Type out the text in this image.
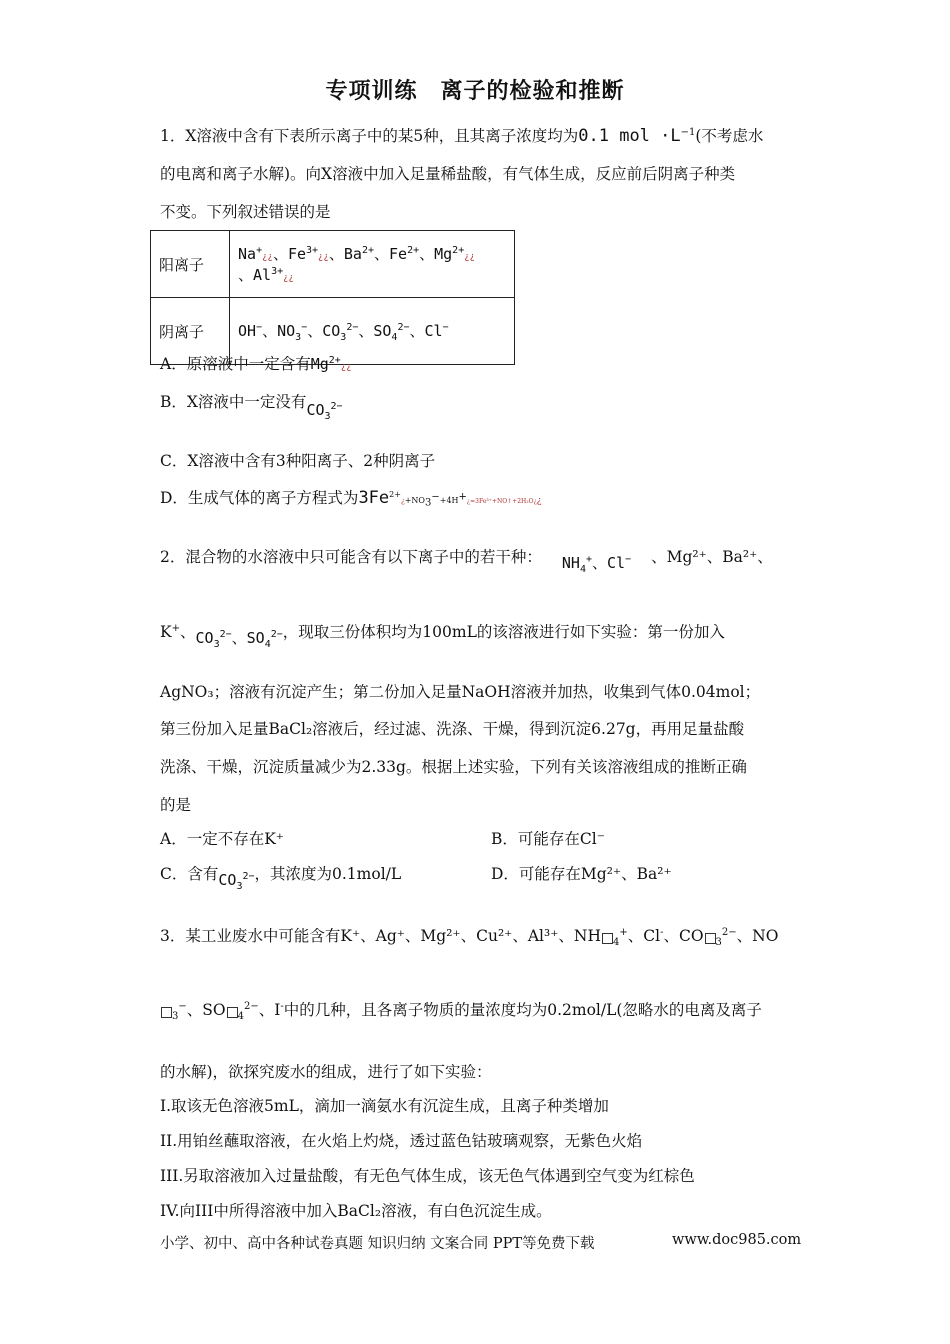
专项训练　离子的检验和推断
1．X溶液中含有下表所示离子中的某5种，且其离子浓度均为0.1 mol $\cdot L^{-1}$(不考虑水
的电离和离子水解)。向X溶液中加入足量稀盐酸，有气体生成，反应前后阴离子种类
不变。下列叙述错误的是
阳离子	Na+¿¿、$Fe^{3+}¿¿$、$Ba^{2+}$、$Fe^{2+}$、$Mg^{2+}¿¿$
、$Al^{3+}¿¿$
阴离子	OH−、$NO_3^-$、$CO_3^{2-}$、$SO_4^{2-}$、Cl−
A．原溶液中一定含有$Mg^{2+}¿¿$
B．X溶液中一定没有$CO_3^{2-}$
C．X溶液中含有3种阳离子、2种阴离子
D．生成气体的离子方程式为$3Fe^{2+}¿+NO_3^-+4H^+¿=3Fe^{3+}+NO↑+2H_2O¿¿$
2．混合物的水溶液中只可能含有以下离子中的若干种： $NH_4^+$、Cl− 、Mg²⁺、Ba²⁺、
K+、$CO_3^{2-}$、$SO_4^{2-}$，现取三份体积均为100mL的该溶液进行如下实验：第一份加入
AgNO₃；溶液有沉淀产生；第二份加入足量NaOH溶液并加热，收集到气体0.04mol；
第三份加入足量BaCl₂溶液后，经过滤、洗涤、干燥，得到沉淀6.27g，再用足量盐酸
洗涤、干燥，沉淀质量减少为2.33g。根据上述实验，下列有关该溶液组成的推断正确
的是
A．一定不存在K⁺	B．可能存在Cl⁻
C．含有$CO_3^{2-}$，其浓度为0.1mol/L	D．可能存在Mg²⁺、Ba²⁺
3．某工业废水中可能含有K⁺、Ag⁺、Mg²⁺、Cu²⁺、Al³⁺、NH $_4$+、Cl-、CO $_3^{2-}$、NO
$_3$−、SO $_4^{2-}$、I-中的几种，且各离子物质的量浓度均为0.2mol/L(忽略水的电离及离子
的水解)，欲探究废水的组成，进行了如下实验：
I.取该无色溶液5mL，滴加一滴氨水有沉淀生成，且离子种类增加
II.用铂丝蘸取溶液，在火焰上灼烧，透过蓝色钴玻璃观察，无紫色火焰
III.另取溶液加入过量盐酸，有无色气体生成，该无色气体遇到空气变为红棕色
IV.向III中所得溶液中加入BaCl₂溶液，有白色沉淀生成。
小学、初中、高中各种试卷真题 知识归纳 文案合同 PPT等免费下载	www.doc985.com
